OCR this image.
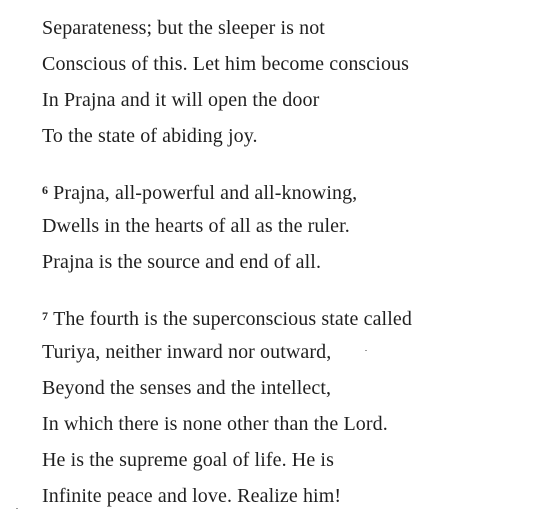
Separateness; but the sleeper is not
Conscious of this. Let him become conscious
In Prajna and it will open the door
To the state of abiding joy.
$^6$ Prajna, all-powerful and all-knowing,
Dwells in the hearts of all as the ruler.
Prajna is the source and end of all.
$^7$ The fourth is the superconscious state called
Turiya, neither inward nor outward,
Beyond the senses and the intellect,
In which there is none other than the Lord.
He is the supreme goal of life. He is
Infinite peace and love. Realize him!
